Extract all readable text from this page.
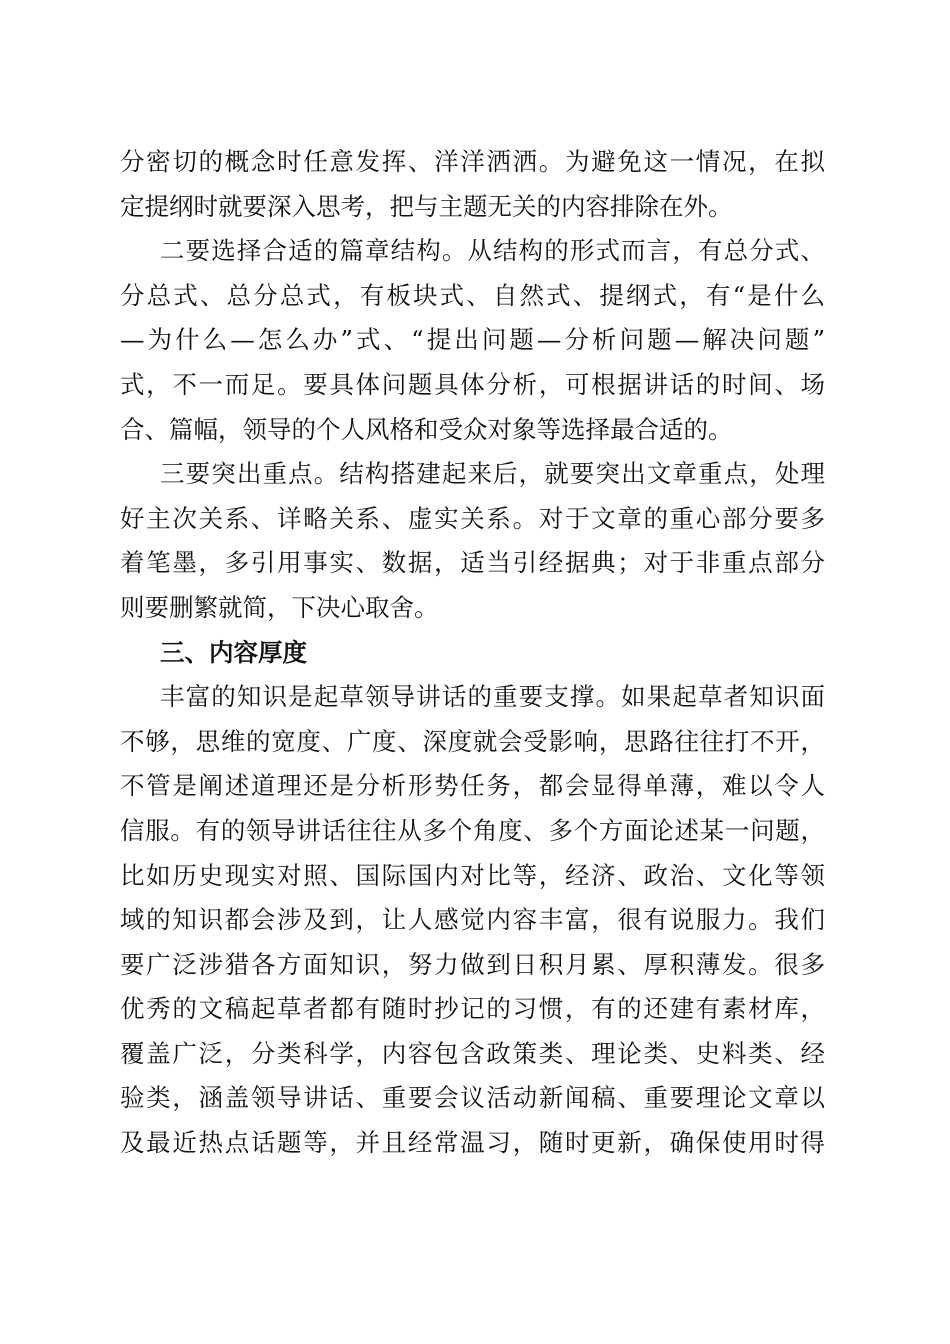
分密切的概念时任意发挥、洋洋洒洒。为避免这一情况，在拟
定提纲时就要深入思考，把与主题无关的内容排除在外。
二要选择合适的篇章结构。从结构的形式而言，有总分式、
分总式、总分总式，有板块式、自然式、提纲式，有“是什么
—为什么—怎么办”式、“提出问题—分析问题—解决问题”
式，不一而足。要具体问题具体分析，可根据讲话的时间、场
合、篇幅，领导的个人风格和受众对象等选择最合适的。
三要突出重点。结构搭建起来后，就要突出文章重点，处理
好主次关系、详略关系、虚实关系。对于文章的重心部分要多
着笔墨，多引用事实、数据，适当引经据典；对于非重点部分
则要删繁就简，下决心取舍。
三、内容厚度
丰富的知识是起草领导讲话的重要支撑。如果起草者知识面
不够，思维的宽度、广度、深度就会受影响，思路往往打不开，
不管是阐述道理还是分析形势任务，都会显得单薄，难以令人
信服。有的领导讲话往往从多个角度、多个方面论述某一问题，
比如历史现实对照、国际国内对比等，经济、政治、文化等领
域的知识都会涉及到，让人感觉内容丰富，很有说服力。我们
要广泛涉猎各方面知识，努力做到日积月累、厚积薄发。很多
优秀的文稿起草者都有随时抄记的习惯，有的还建有素材库，
覆盖广泛，分类科学，内容包含政策类、理论类、史料类、经
验类，涵盖领导讲话、重要会议活动新闻稿、重要理论文章以
及最近热点话题等，并且经常温习，随时更新，确保使用时得
